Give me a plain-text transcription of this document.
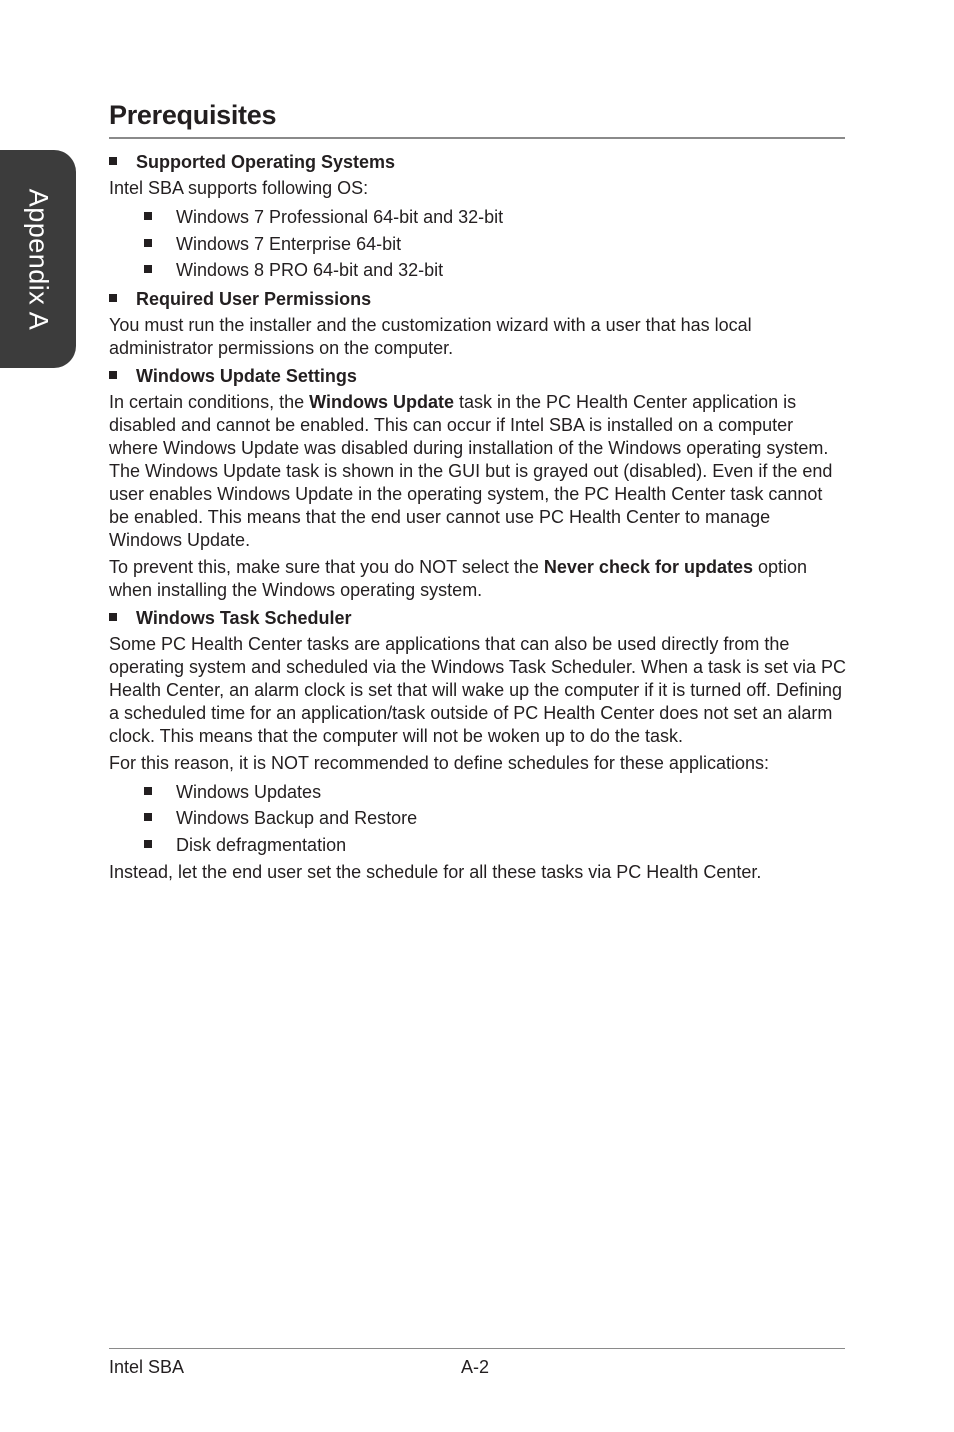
Appendix A
Prerequisites
Supported Operating Systems

Intel SBA supports following OS:

Windows 7 Professional 64-bit and 32-bit
Windows 7 Enterprise 64-bit
Windows 8 PRO 64-bit and 32-bit
Required User Permissions

You must run the installer and the customization wizard with a user that has local administrator permissions on the computer.

Windows Update Settings

In certain conditions, the Windows Update task in the PC Health Center application is disabled and cannot be enabled. This can occur if Intel SBA is installed on a computer where Windows Update was disabled during installation of the Windows operating system. The Windows Update task is shown in the GUI but is grayed out (disabled). Even if the end user enables Windows Update in the operating system, the PC Health Center task cannot be enabled. This means that the end user cannot use PC Health Center to manage Windows Update.

To prevent this, make sure that you do NOT select the Never check for updates option when installing the Windows operating system.

Windows Task Scheduler

Some PC Health Center tasks are applications that can also be used directly from the operating system and scheduled via the Windows Task Scheduler. When a task is set via PC Health Center, an alarm clock is set that will wake up the computer if it is turned off. Defining a scheduled time for an application/task outside of PC Health Center does not set an alarm clock. This means that the computer will not be woken up to do the task.

For this reason, it is NOT recommended to define schedules for these applications:

Windows Updates
Windows Backup and Restore
Disk defragmentation

Instead, let the end user set the schedule for all these tasks via PC Health Center.

Intel SBA	A-2
